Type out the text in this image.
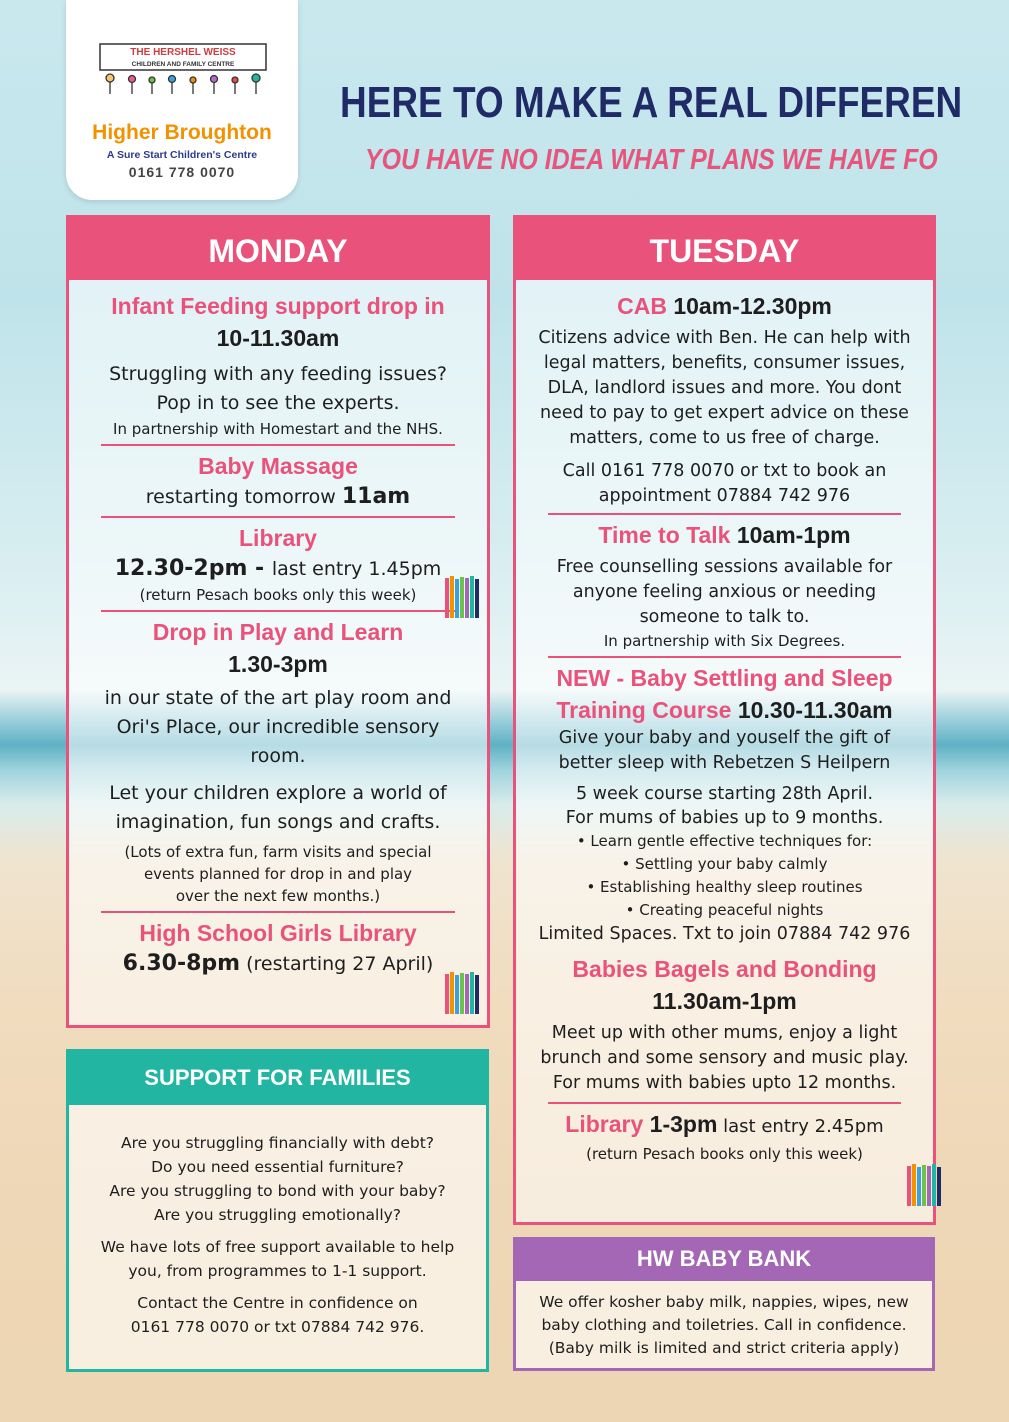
THE HERSHEL WEISS
CHILDREN AND FAMILY CENTRE
Higher Broughton
A Sure Start Children's Centre
0161 778 0070
HERE TO MAKE A REAL DIFFEREN
YOU HAVE NO IDEA WHAT PLANS WE HAVE FO
MONDAY
Infant Feeding support drop in
10-11.30am
Struggling with any feeding issues?
Pop in to see the experts.
In partnership with Homestart and the NHS.
Baby Massage
restarting tomorrow 11am
Library
12.30-2pm - last entry 1.45pm
(return Pesach books only this week)
Drop in Play and Learn
1.30-3pm
in our state of the art play room and
Ori's Place, our incredible sensory
room.
Let your children explore a world of
imagination, fun songs and crafts.
(Lots of extra fun, farm visits and special
events planned for drop in and play
over the next few months.)
High School Girls Library
6.30-8pm (restarting 27 April)
TUESDAY
CAB 10am-12.30pm
Citizens advice with Ben. He can help with
legal matters, benefits, consumer issues,
DLA, landlord issues and more. You dont
need to pay to get expert advice on these
matters, come to us free of charge.
Call 0161 778 0070 or txt to book an
appointment 07884 742 976
Time to Talk 10am-1pm
Free counselling sessions available for
anyone feeling anxious or needing
someone to talk to.
In partnership with Six Degrees.
NEW - Baby Settling and Sleep
Training Course 10.30-11.30am
Give your baby and youself the gift of
better sleep with Rebetzen S Heilpern
5 week course starting 28th April.
For mums of babies up to 9 months.
• Learn gentle effective techniques for:
• Settling your baby calmly
• Establishing healthy sleep routines
• Creating peaceful nights
Limited Spaces. Txt to join 07884 742 976
Babies Bagels and Bonding
11.30am-1pm
Meet up with other mums, enjoy a light
brunch and some sensory and music play.
For mums with babies upto 12 months.
Library 1-3pm last entry 2.45pm
(return Pesach books only this week)
SUPPORT FOR FAMILIES
Are you struggling financially with debt?
Do you need essential furniture?
Are you struggling to bond with your baby?
Are you struggling emotionally?
We have lots of free support available to help
you, from programmes to 1-1 support.
Contact the Centre in confidence on
0161 778 0070 or txt 07884 742 976.
HW BABY BANK
We offer kosher baby milk, nappies, wipes, new
baby clothing and toiletries. Call in confidence.
(Baby milk is limited and strict criteria apply)
